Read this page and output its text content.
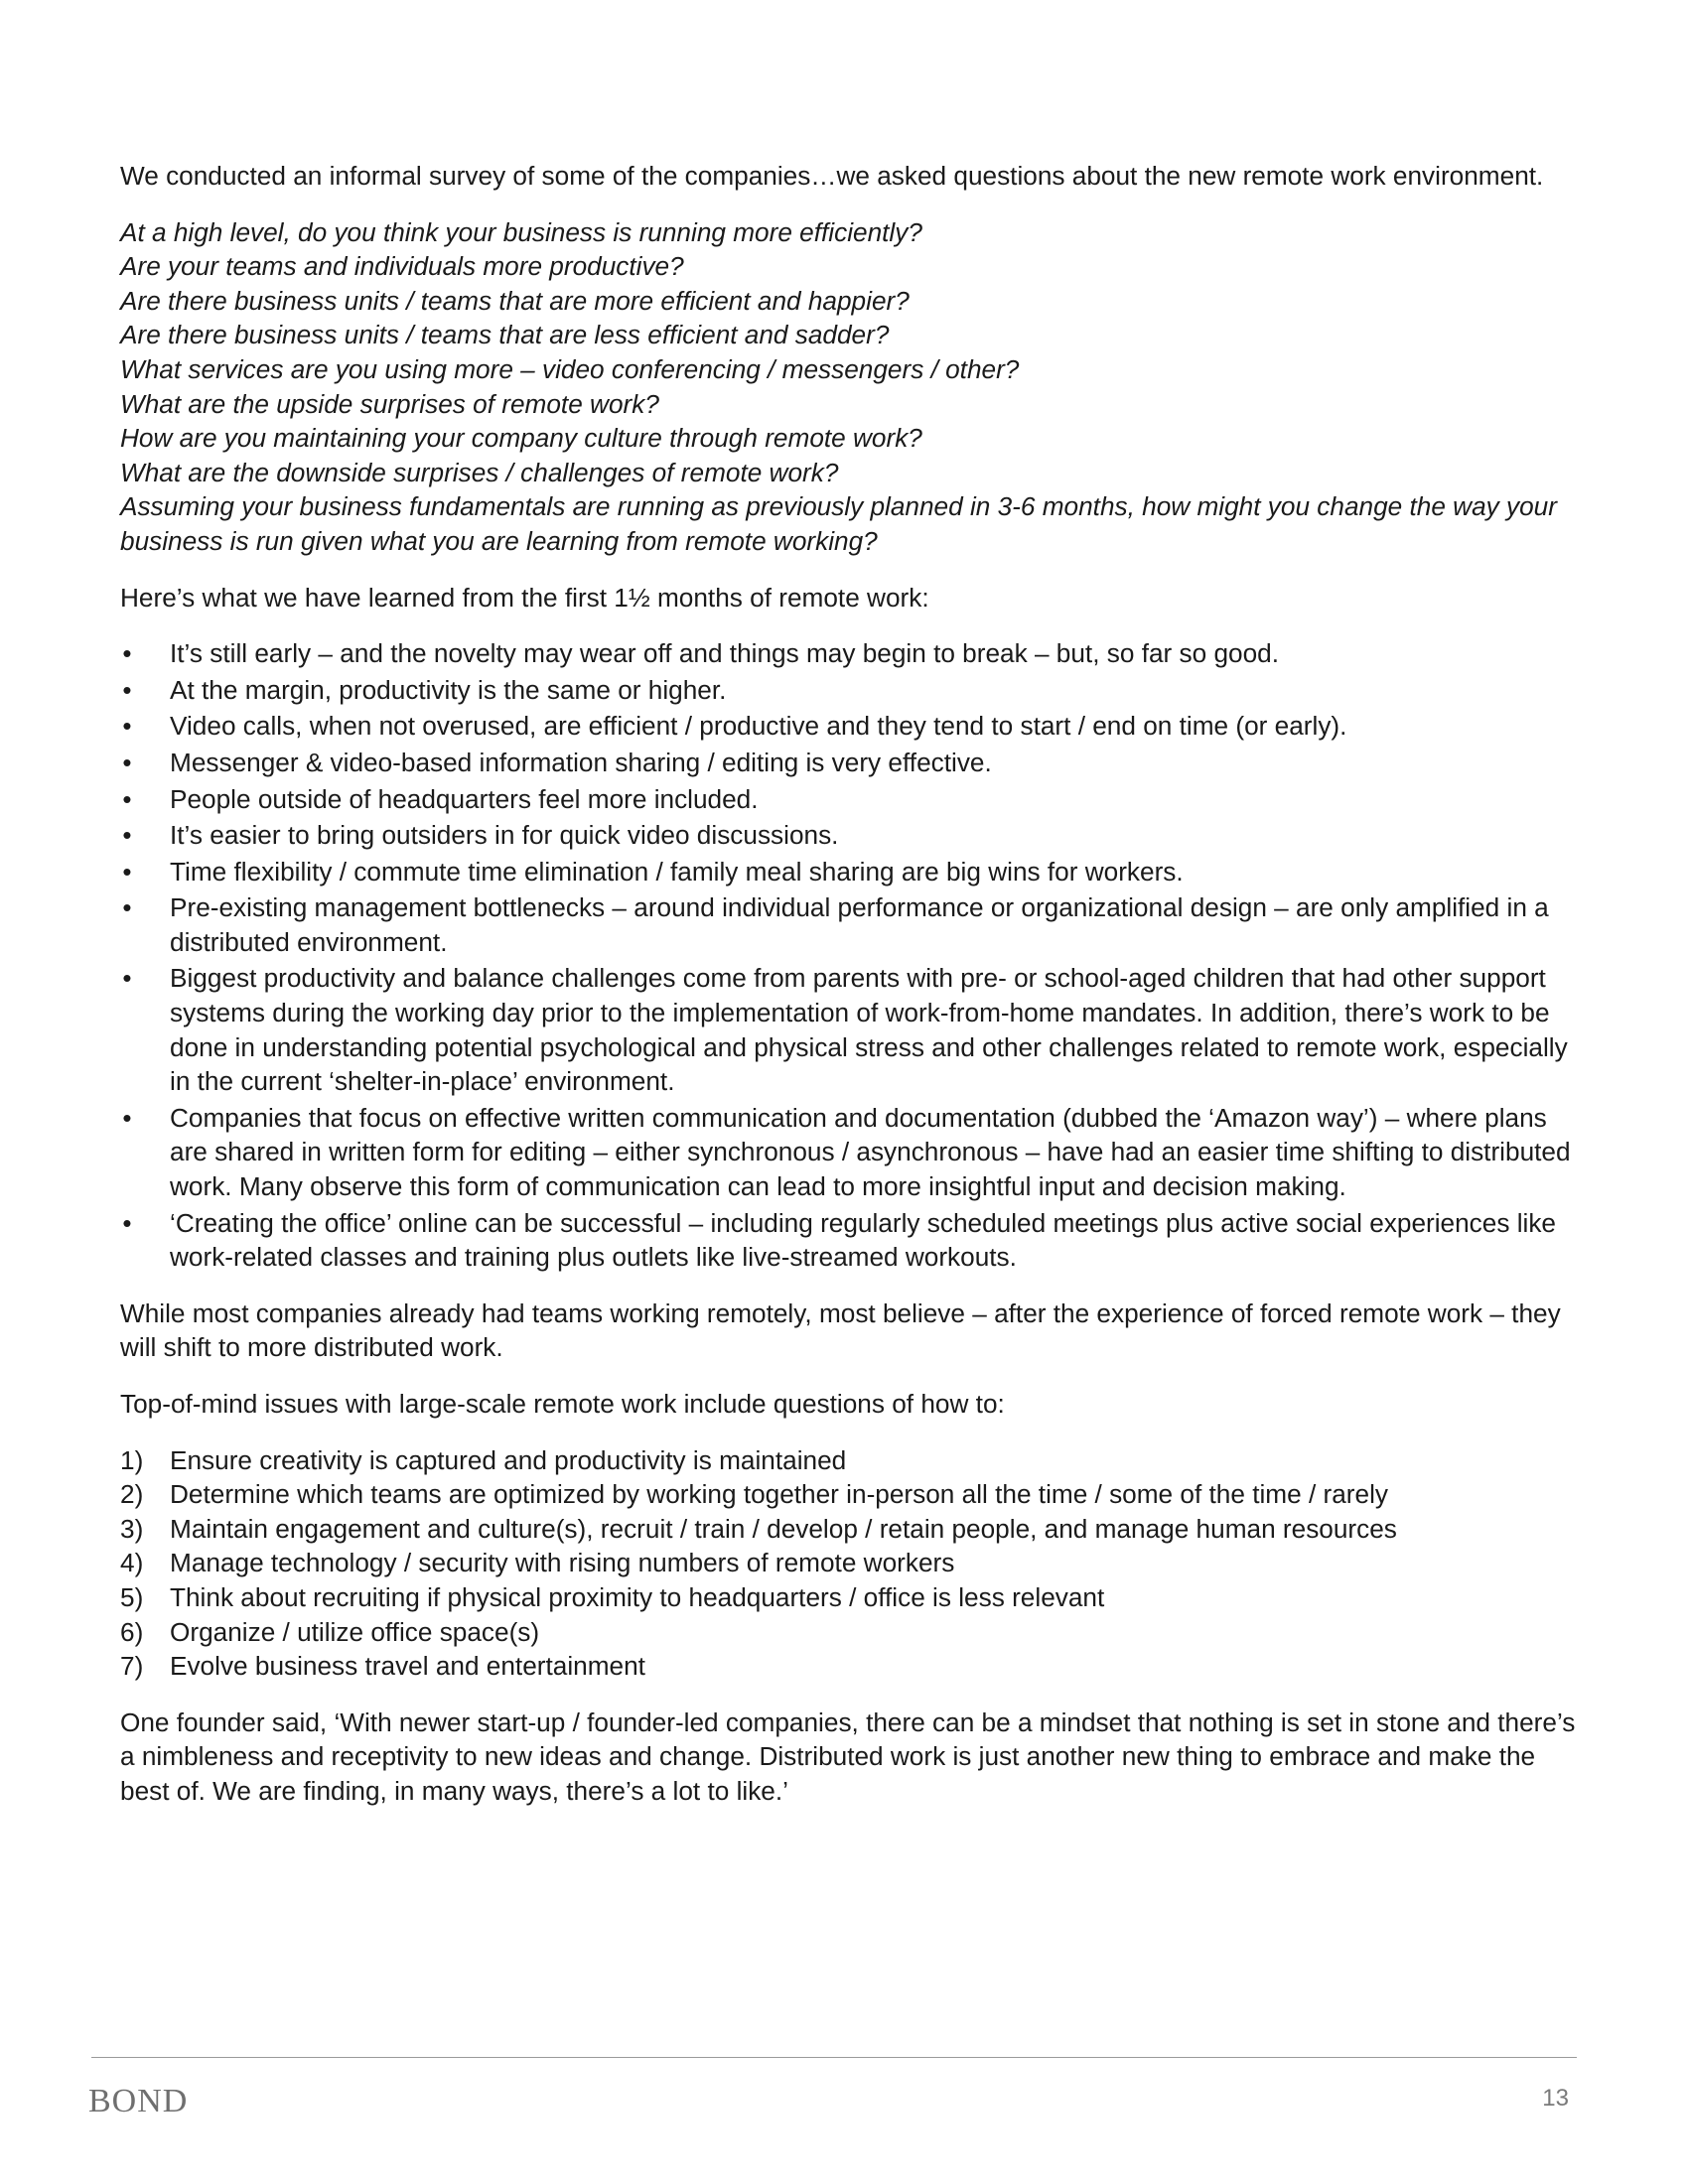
We conducted an informal survey of some of the companies…we asked questions about the new remote work environment.

At a high level, do you think your business is running more efficiently?
Are your teams and individuals more productive?
Are there business units / teams that are more efficient and happier?
Are there business units / teams that are less efficient and sadder?
What services are you using more – video conferencing / messengers / other?
What are the upside surprises of remote work?
How are you maintaining your company culture through remote work?
What are the downside surprises / challenges of remote work?
Assuming your business fundamentals are running as previously planned in 3-6 months, how might you change the way your business is run given what you are learning from remote working?

Here’s what we have learned from the first 1½ months of remote work:

• It’s still early – and the novelty may wear off and things may begin to break – but, so far so good.
• At the margin, productivity is the same or higher.
• Video calls, when not overused, are efficient / productive and they tend to start / end on time (or early).
• Messenger & video-based information sharing / editing is very effective.
• People outside of headquarters feel more included.
• It’s easier to bring outsiders in for quick video discussions.
• Time flexibility / commute time elimination / family meal sharing are big wins for workers.
• Pre-existing management bottlenecks – around individual performance or organizational design – are only amplified in a distributed environment.
• Biggest productivity and balance challenges come from parents with pre- or school-aged children that had other support systems during the working day prior to the implementation of work-from-home mandates. In addition, there’s work to be done in understanding potential psychological and physical stress and other challenges related to remote work, especially in the current ‘shelter-in-place’ environment.
• Companies that focus on effective written communication and documentation (dubbed the ‘Amazon way’) – where plans are shared in written form for editing – either synchronous / asynchronous – have had an easier time shifting to distributed work. Many observe this form of communication can lead to more insightful input and decision making.
• ‘Creating the office’ online can be successful – including regularly scheduled meetings plus active social experiences like work-related classes and training plus outlets like live-streamed workouts.

While most companies already had teams working remotely, most believe – after the experience of forced remote work – they will shift to more distributed work.

Top-of-mind issues with large-scale remote work include questions of how to:

1) Ensure creativity is captured and productivity is maintained
2) Determine which teams are optimized by working together in-person all the time / some of the time / rarely
3) Maintain engagement and culture(s), recruit / train / develop / retain people, and manage human resources
4) Manage technology / security with rising numbers of remote workers
5) Think about recruiting if physical proximity to headquarters / office is less relevant
6) Organize / utilize office space(s)
7) Evolve business travel and entertainment

One founder said, ‘With newer start-up / founder-led companies, there can be a mindset that nothing is set in stone and there’s a nimbleness and receptivity to new ideas and change. Distributed work is just another new thing to embrace and make the best of. We are finding, in many ways, there’s a lot to like.’

BOND	13
